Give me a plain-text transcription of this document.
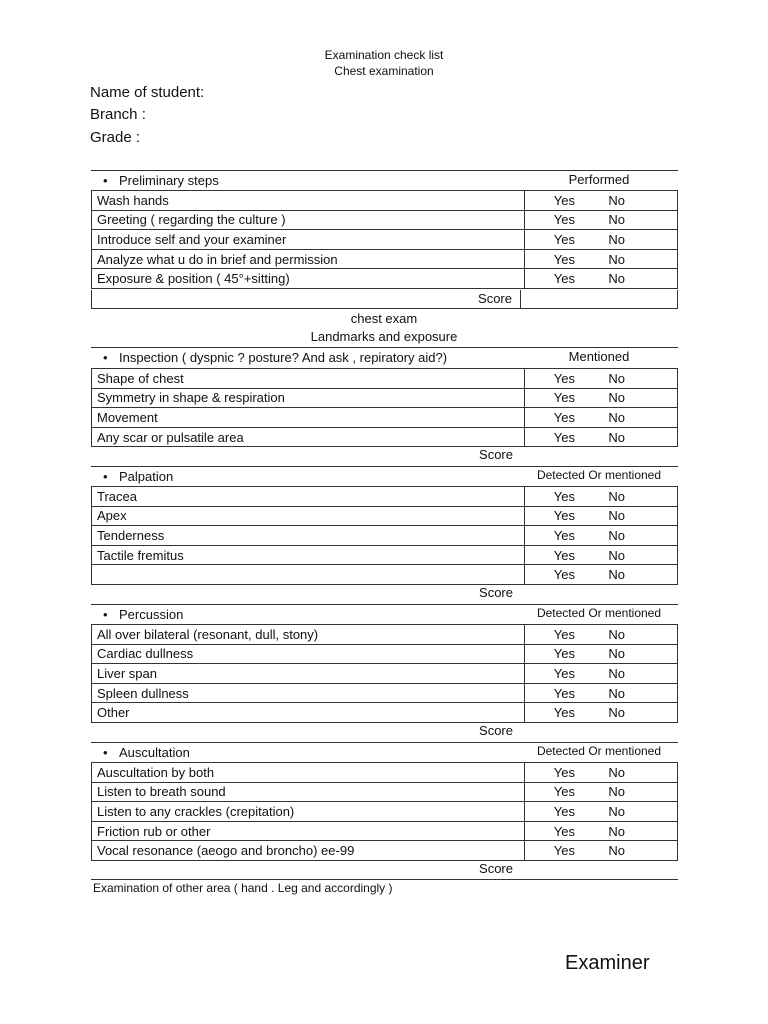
Examination check list
Chest examination
Name of student:
Branch :
Grade :
• Preliminary steps	Performed
Wash hands	Yes No
Greeting ( regarding the culture )	Yes No
Introduce self and your examiner	Yes No
Analyze what u do in brief and permission	Yes No
Exposure & position ( 45°+sitting)	Yes No
Score
chest exam
Landmarks and exposure
• Inspection ( dyspnic ? posture? And ask , repiratory aid?)	Mentioned
Shape of chest	Yes No
Symmetry in shape & respiration	Yes No
Movement	Yes No
Any scar or pulsatile area	Yes No
Score
• Palpation	Detected Or mentioned
Tracea	Yes No
Apex	Yes No
Tenderness	Yes No
Tactile fremitus	Yes No
	Yes No
Score
• Percussion	Detected Or mentioned
All over bilateral (resonant, dull, stony)	Yes No
Cardiac dullness	Yes No
Liver span	Yes No
Spleen dullness	Yes No
Other	Yes No
Score
• Auscultation	Detected Or mentioned
Auscultation by both	Yes No
Listen to breath sound	Yes No
Listen to any crackles (crepitation)	Yes No
Friction rub or other	Yes No
Vocal resonance (aeogo and broncho) ee-99	Yes No
Score
Examination of other area ( hand . Leg and accordingly )
Examiner
